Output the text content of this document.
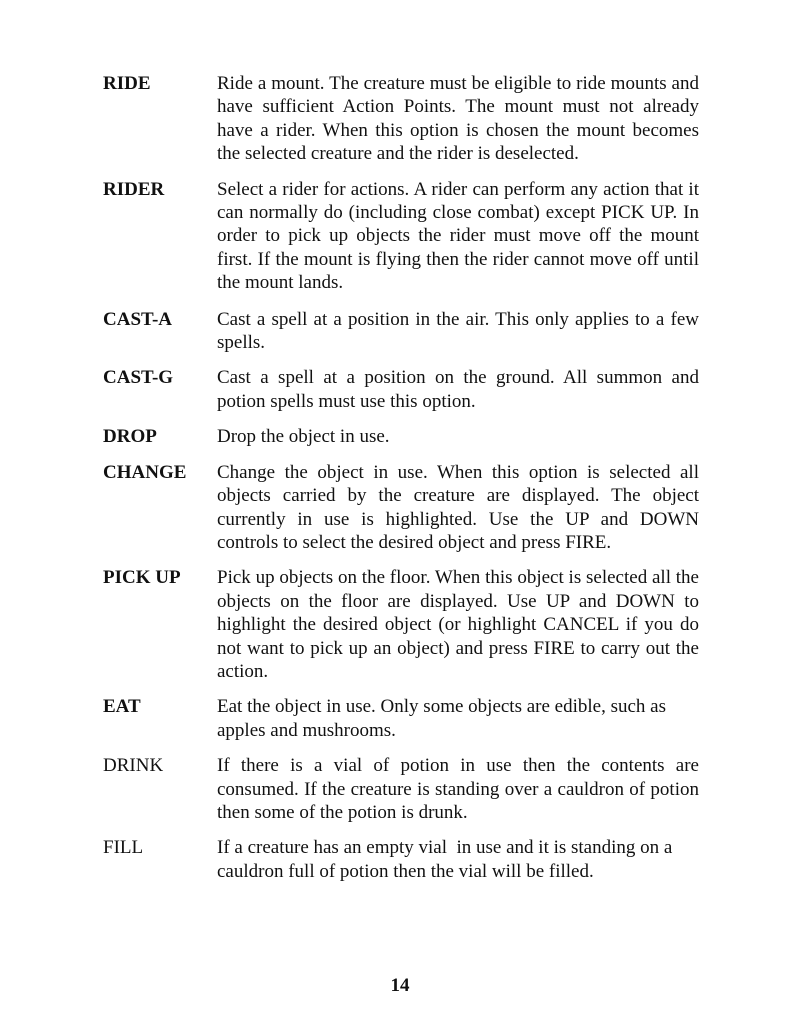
RIDE	Ride a mount. The creature must be eligible to ride mounts and have sufficient Action Points. The mount must not already have a rider. When this option is chosen the mount becomes the selected creature and the rider is deselected.

RIDER	Select a rider for actions. A rider can perform any action that it can normally do (including close combat) except PICK UP. In order to pick up objects the rider must move off the mount first. If the mount is flying then the rider cannot move off until the mount lands.

CAST-A	Cast a spell at a position in the air. This only applies to a few spells.

CAST-G	Cast a spell at a position on the ground. All summon and potion spells must use this option.

DROP	Drop the object in use.

CHANGE	Change the object in use. When this option is selected all objects carried by the creature are displayed. The object currently in use is highlighted. Use the UP and DOWN controls to select the desired object and press FIRE.

PICK UP	Pick up objects on the floor. When this object is selected all the objects on the floor are displayed. Use UP and DOWN to highlight the desired object (or highlight CANCEL if you do not want to pick up an object) and press FIRE to carry out the action.

EAT	Eat the object in use. Only some objects are edible, such as apples and mushrooms.

DRINK	If there is a vial of potion in use then the contents are consumed. If the creature is standing over a cauldron of potion then some of the potion is drunk.

FILL	If a creature has an empty vial  in use and it is standing on a cauldron full of potion then the vial will be filled.

14
